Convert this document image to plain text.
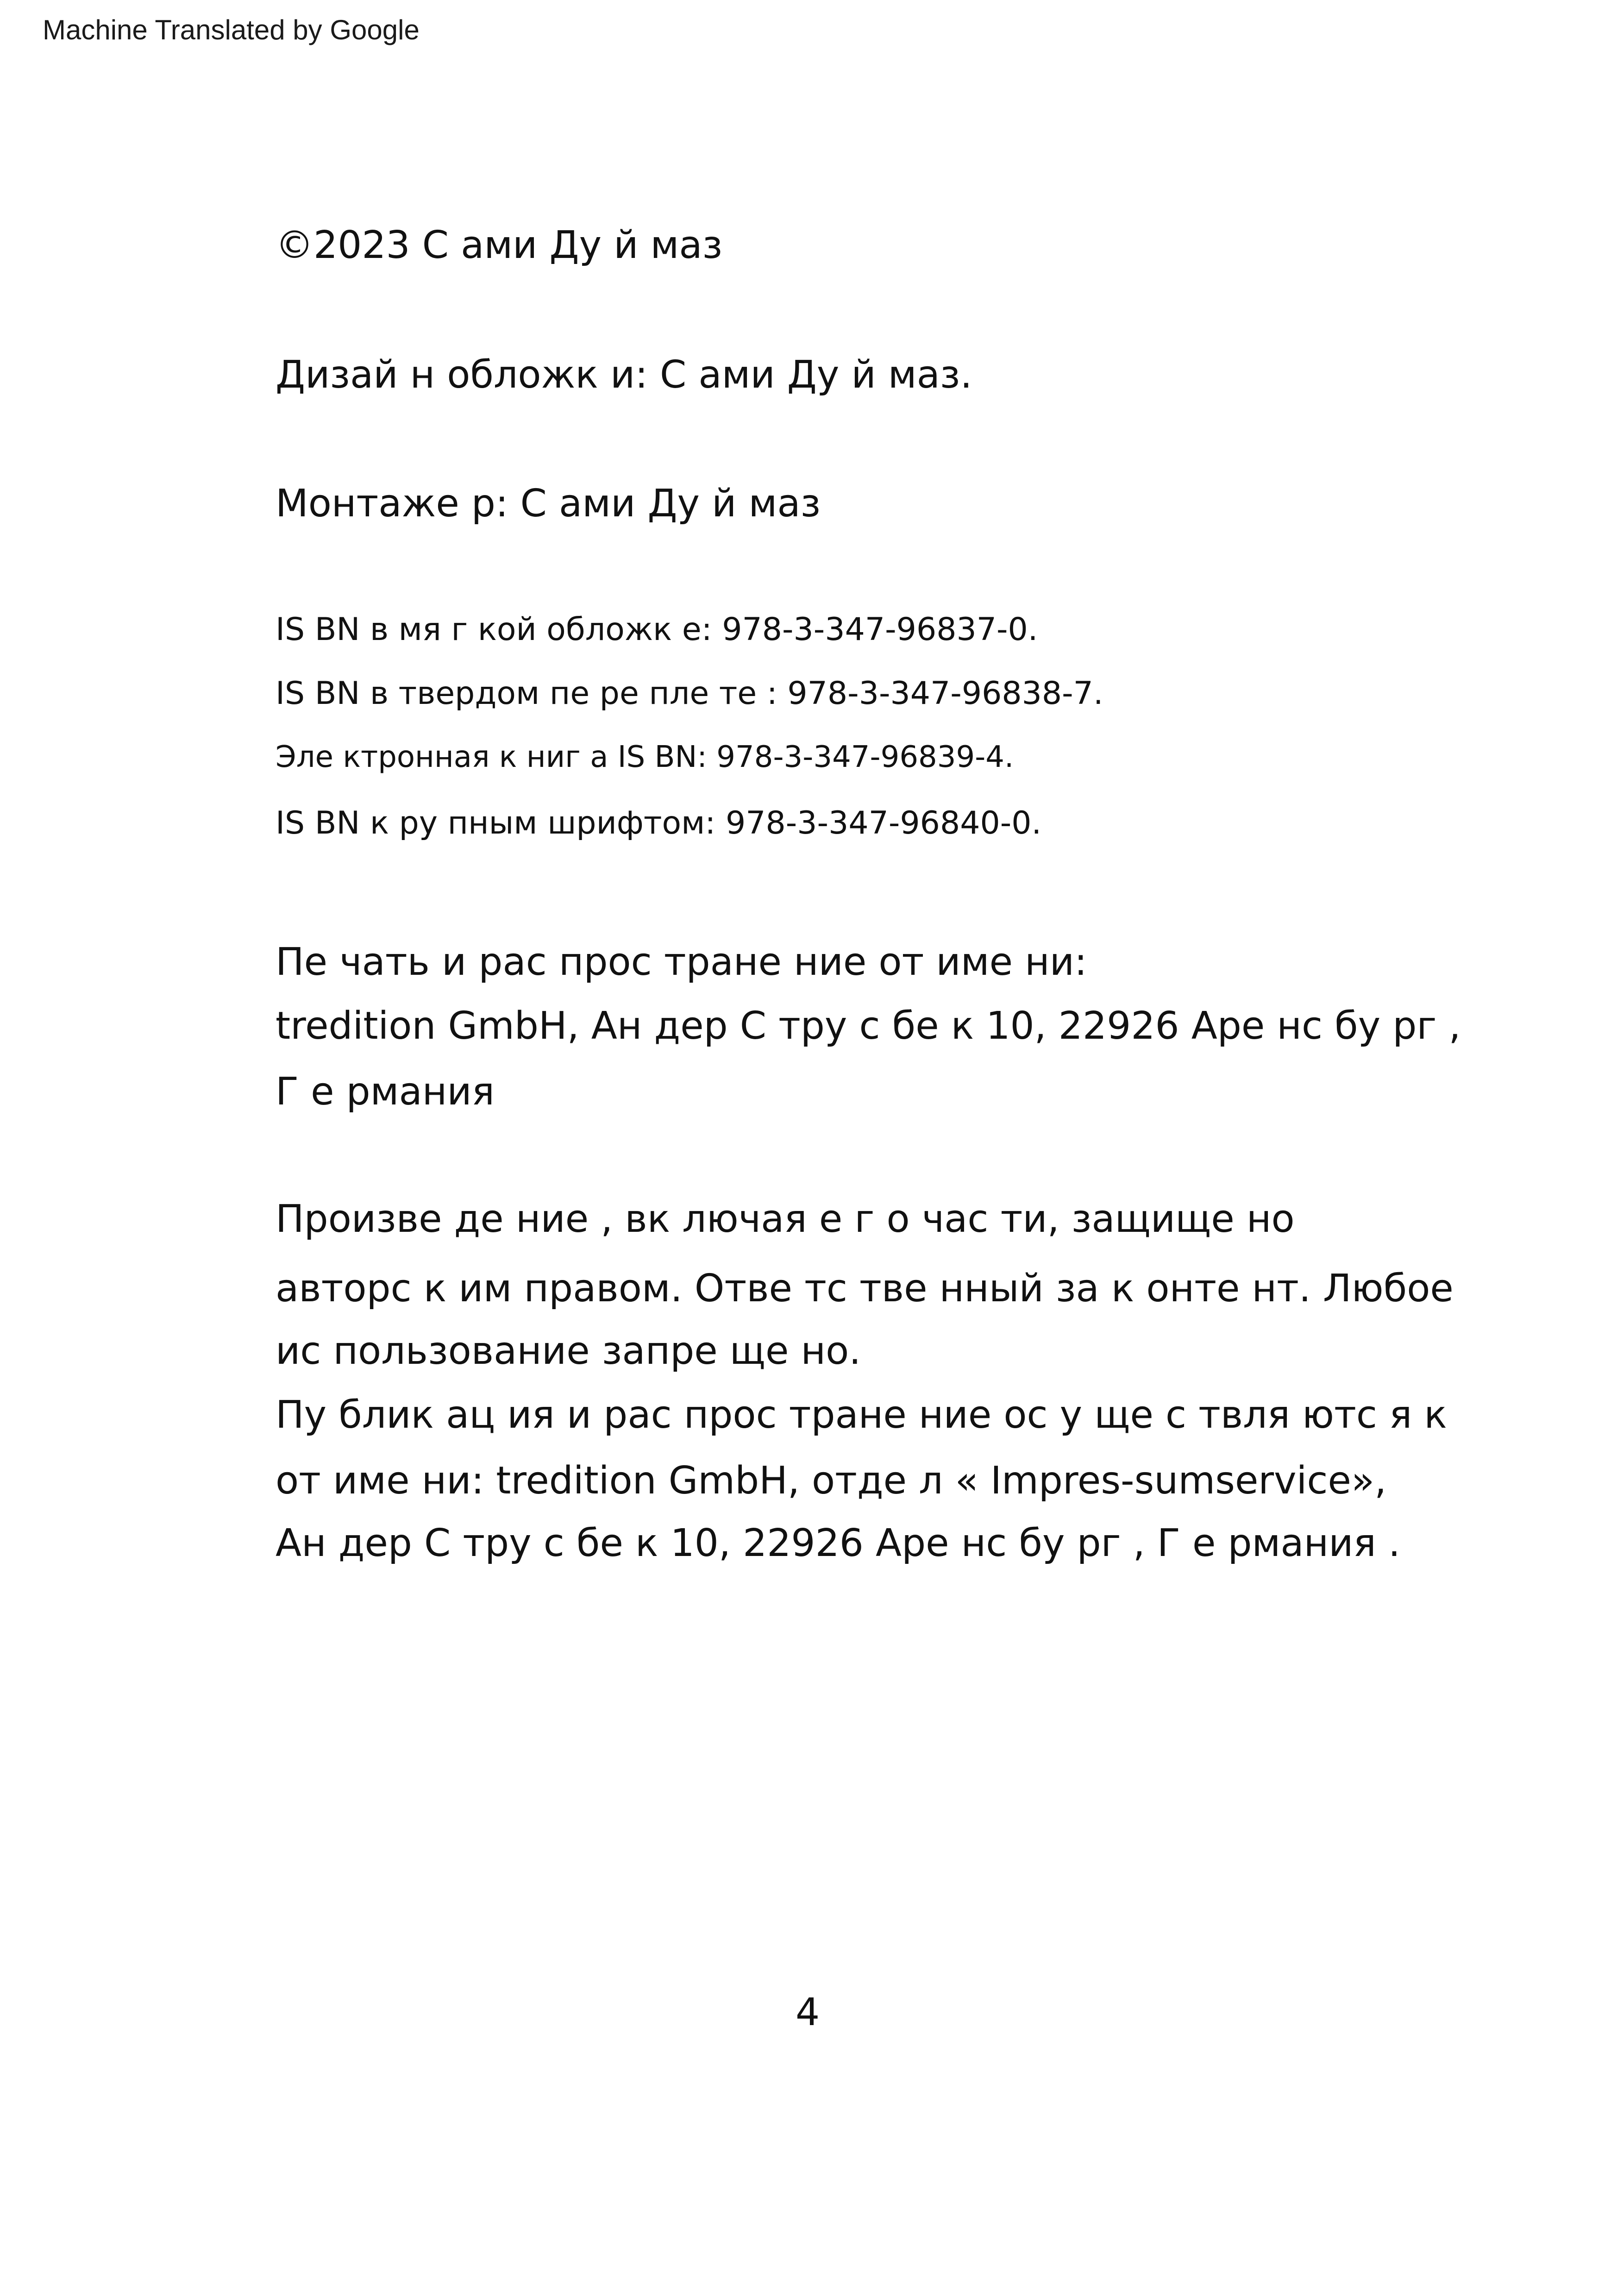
Machine Translated by Google
©2023 С ами Ду й маз
Дизай н обложк и: С ами Ду й маз.
Монтаже р: С ами Ду й маз
IS BN в мя г кой обложк е: 978-3-347-96837-0.
IS BN в твердом пе ре пле те : 978-3-347-96838-7.
Эле ктронная к ниг а IS BN: 978-3-347-96839-4.
IS BN к ру пным шрифтом: 978-3-347-96840-0.
Пе чать и рас прос тране ние от име ни:
tredition GmbH, Ан дер С тру с бе к 10, 22926 Аре нс бу рг ,
Г е рмания
Произве де ние , вк лючая е г о час ти, защище но
авторс к им правом. Отве тс тве нный за к онте нт. Любое
ис пользование запре ще но.
Пу блик ац ия и рас прос тране ние ос у ще с твля ютс я к
от име ни: tredition GmbH, отде л « Impres-sumservice»,
Ан дер С тру с бе к 10, 22926 Аре нс бу рг , Г е рмания .
4
